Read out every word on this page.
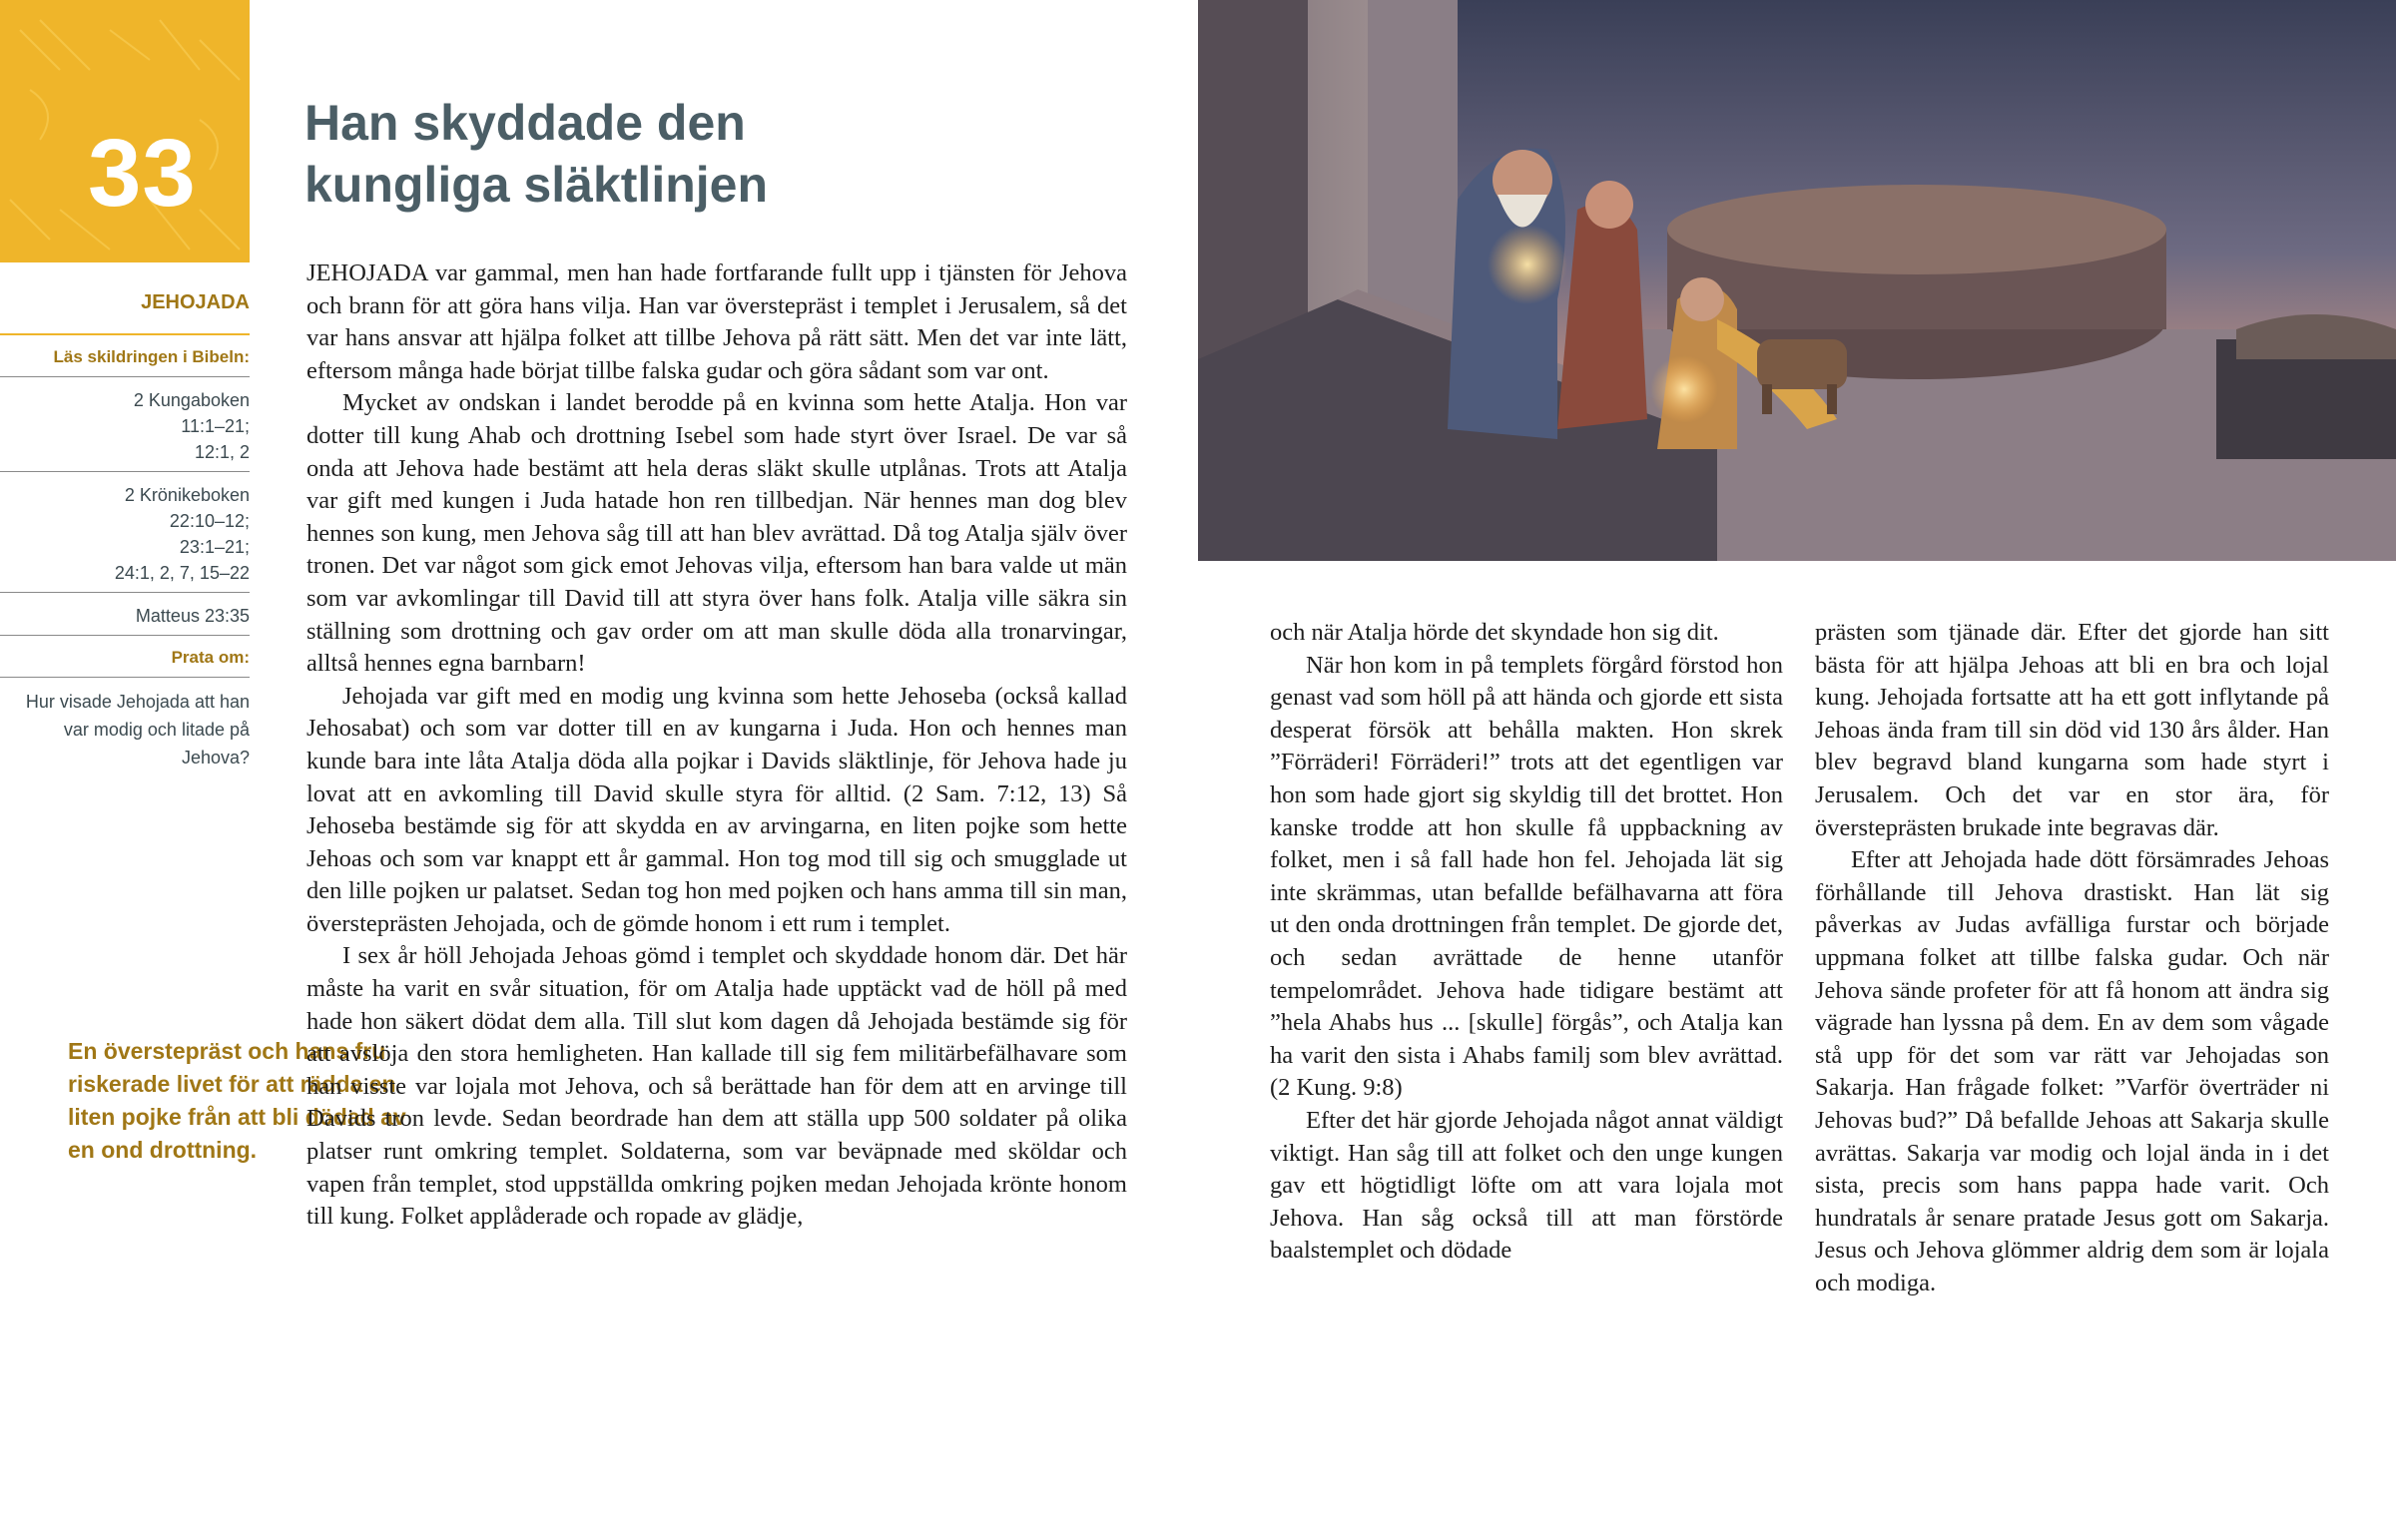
33
JEHOJADA
Läs skildringen i Bibeln:
2 Kungaboken
11:1–21;
12:1, 2
2 Krönikeboken
22:10–12;
23:1–21;
24:1, 2, 7, 15–22
Matteus 23:35
Prata om:
Hur visade Jehojada att han var modig och litade på Jehova?
Han skyddade den
kungliga släktlinjen
En överstepräst och hans fru riskerade livet för att rädda en liten pojke från att bli dödad av en ond drottning.

JEHOJADA var gammal, men han hade fortfarande fullt upp i tjänsten för Jehova och brann för att göra hans vilja. Han var överstepräst i templet i Jerusalem, så det var hans ansvar att hjälpa folket att tillbe Jehova på rätt sätt. Men det var inte lätt, eftersom många hade börjat tillbe falska gudar och göra sådant som var ont.

Mycket av ondskan i landet berodde på en kvinna som hette Atalja. Hon var dotter till kung Ahab och drottning Isebel som hade styrt över Israel. De var så onda att Jehova hade bestämt att hela deras släkt skulle utplånas. Trots att Atalja var gift med kungen i Juda hatade hon ren tillbedjan. När hennes man dog blev hennes son kung, men Jehova såg till att han blev avrättad. Då tog Atalja själv över tronen. Det var något som gick emot Jehovas vilja, eftersom han bara valde ut män som var avkomlingar till David till att styra över hans folk. Atalja ville säkra sin ställning som drottning och gav order om att man skulle döda alla tronarvingar, alltså hennes egna barnbarn!

Jehojada var gift med en modig ung kvinna som hette Jehoseba (också kallad Jehosabat) och som var dotter till en av kungarna i Juda. Hon och hennes man kunde bara inte låta Atalja döda alla pojkar i Davids släktlinje, för Jehova hade ju lovat att en avkomling till David skulle styra för alltid. (2 Sam. 7:12, 13) Så Jehoseba bestämde sig för att skydda en av arvingarna, en liten pojke som hette Jehoas och som var knappt ett år gammal. Hon tog mod till sig och smugglade ut den lille pojken ur palatset. Sedan tog hon med pojken och hans amma till sin man, översteprästen Jehojada, och de gömde honom i ett rum i templet.

I sex år höll Jehojada Jehoas gömd i templet och skyddade honom där. Det här måste ha varit en svår situation, för om Atalja hade upptäckt vad de höll på med hade hon säkert dödat dem alla. Till slut kom dagen då Jehojada bestämde sig för att avslöja den stora hemligheten. Han kallade till sig fem militärbefälhavare som han visste var lojala mot Jehova, och så berättade han för dem att en arvinge till Davids tron levde. Sedan beordrade han dem att ställa upp 500 soldater på olika platser runt omkring templet. Soldaterna, som var beväpnade med sköldar och vapen från templet, stod uppställda omkring pojken medan Jehojada krönte honom till kung. Folket applåderade och ropade av glädje,

och när Atalja hörde det skyndade hon sig dit.

När hon kom in på templets förgård förstod hon genast vad som höll på att hända och gjorde ett sista desperat försök att behålla makten. Hon skrek ”Förräderi! Förräderi!” trots att det egentligen var hon som hade gjort sig skyldig till det brottet. Hon kanske trodde att hon skulle få uppbackning av folket, men i så fall hade hon fel. Jehojada lät sig inte skrämmas, utan befallde befälhavarna att föra ut den onda drottningen från templet. De gjorde det, och sedan avrättade de henne utanför tempelområdet. Jehova hade tidigare bestämt att ”hela Ahabs hus ... [skulle] förgås”, och Atalja kan ha varit den sista i Ahabs familj som blev avrättad. (2 Kung. 9:8)

Efter det här gjorde Jehojada något annat väldigt viktigt. Han såg till att folket och den unge kungen gav ett högtidligt löfte om att vara lojala mot Jehova. Han såg också till att man förstörde baalstemplet och dödade

prästen som tjänade där. Efter det gjorde han sitt bästa för att hjälpa Jehoas att bli en bra och lojal kung. Jehojada fortsatte att ha ett gott inflytande på Jehoas ända fram till sin död vid 130 års ålder. Han blev begravd bland kungarna som hade styrt i Jerusalem. Och det var en stor ära, för översteprästen brukade inte begravas där.

Efter att Jehojada hade dött försämrades Jehoas förhållande till Jehova drastiskt. Han lät sig påverkas av Judas avfälliga furstar och började uppmana folket att tillbe falska gudar. Och när Jehova sände profeter för att få honom att ändra sig vägrade han lyssna på dem. En av dem som vågade stå upp för det som var rätt var Jehojadas son Sakarja. Han frågade folket: ”Varför överträder ni Jehovas bud?” Då befallde Jehoas att Sakarja skulle avrättas. Sakarja var modig och lojal ända in i det sista, precis som hans pappa hade varit. Och hundratals år senare pratade Jesus gott om Sakarja. Jesus och Jehova glömmer aldrig dem som är lojala och modiga.
